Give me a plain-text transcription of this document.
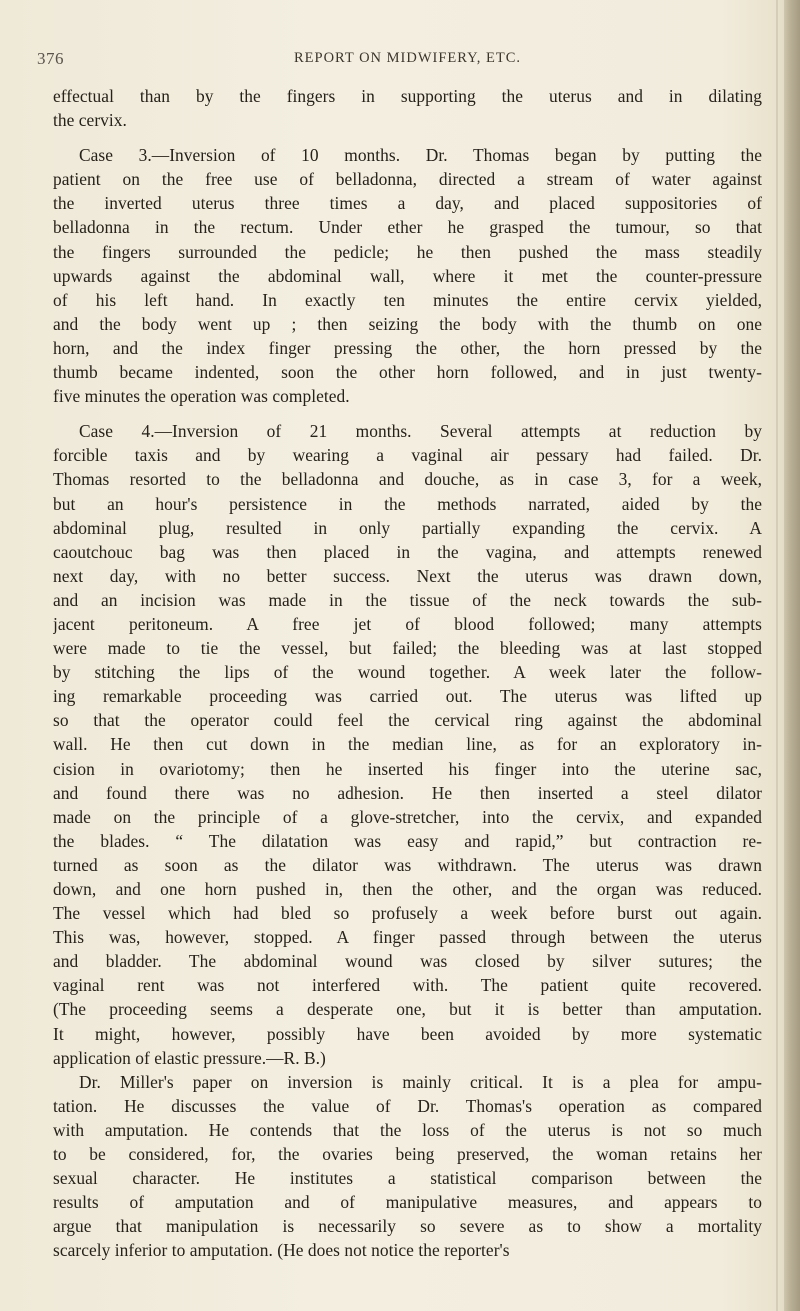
376	REPORT ON MIDWIFERY, ETC.

effectual than by the fingers in supporting the uterus and in dilating
the cervix.

Case 3.—Inversion of 10 months. Dr. Thomas began by putting the
patient on the free use of belladonna, directed a stream of water against
the inverted uterus three times a day, and placed suppositories of
belladonna in the rectum. Under ether he grasped the tumour, so that
the fingers surrounded the pedicle; he then pushed the mass steadily
upwards against the abdominal wall, where it met the counter-pressure
of his left hand. In exactly ten minutes the entire cervix yielded,
and the body went up ; then seizing the body with the thumb on one
horn, and the index finger pressing the other, the horn pressed by the
thumb became indented, soon the other horn followed, and in just twenty-
five minutes the operation was completed.

Case 4.—Inversion of 21 months. Several attempts at reduction by
forcible taxis and by wearing a vaginal air pessary had failed. Dr.
Thomas resorted to the belladonna and douche, as in case 3, for a week,
but an hour's persistence in the methods narrated, aided by the
abdominal plug, resulted in only partially expanding the cervix. A
caoutchouc bag was then placed in the vagina, and attempts renewed
next day, with no better success. Next the uterus was drawn down,
and an incision was made in the tissue of the neck towards the sub-
jacent peritoneum. A free jet of blood followed; many attempts
were made to tie the vessel, but failed; the bleeding was at last stopped
by stitching the lips of the wound together. A week later the follow-
ing remarkable proceeding was carried out. The uterus was lifted up
so that the operator could feel the cervical ring against the abdominal
wall. He then cut down in the median line, as for an exploratory in-
cision in ovariotomy; then he inserted his finger into the uterine sac,
and found there was no adhesion. He then inserted a steel dilator
made on the principle of a glove-stretcher, into the cervix, and expanded
the blades. “ The dilatation was easy and rapid,” but contraction re-
turned as soon as the dilator was withdrawn. The uterus was drawn
down, and one horn pushed in, then the other, and the organ was reduced.
The vessel which had bled so profusely a week before burst out again.
This was, however, stopped. A finger passed through between the uterus
and bladder. The abdominal wound was closed by silver sutures; the
vaginal rent was not interfered with. The patient quite recovered.
(The proceeding seems a desperate one, but it is better than amputation.
It might, however, possibly have been avoided by more systematic
application of elastic pressure.—R. B.)

Dr. Miller's paper on inversion is mainly critical. It is a plea for ampu-
tation. He discusses the value of Dr. Thomas's operation as compared
with amputation. He contends that the loss of the uterus is not so much
to be considered, for, the ovaries being preserved, the woman retains her
sexual character. He institutes a statistical comparison between the
results of amputation and of manipulative measures, and appears to
argue that manipulation is necessarily so severe as to show a mortality
scarcely inferior to amputation. (He does not notice the reporter's
